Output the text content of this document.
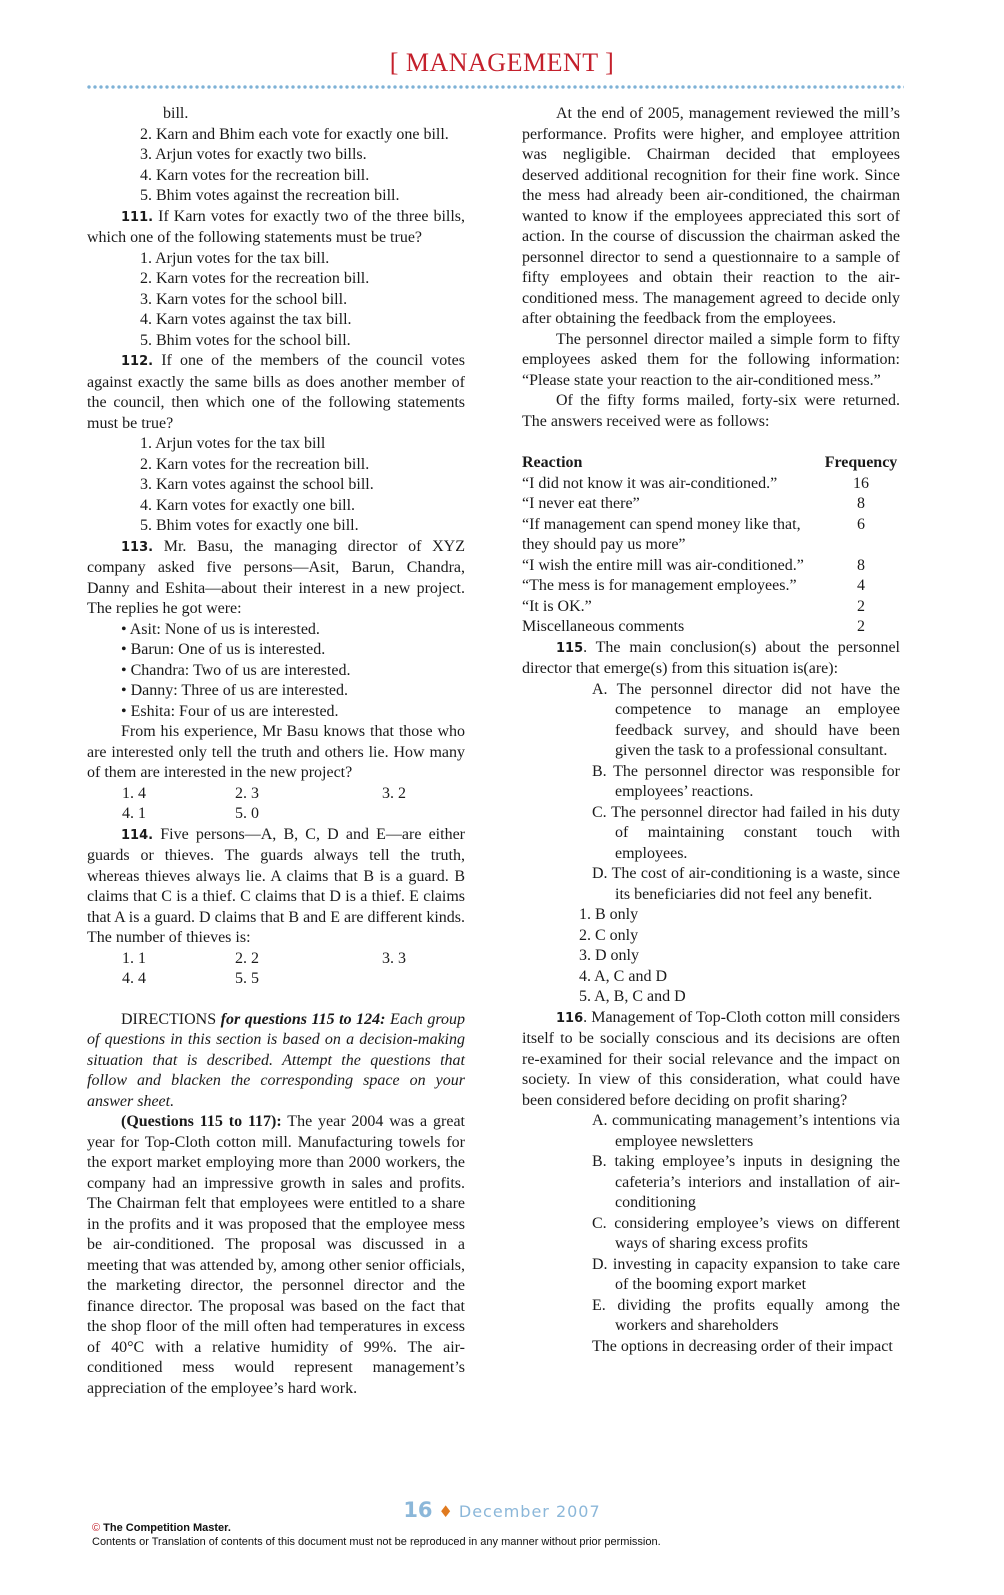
[ MANAGEMENT ]

bill.

2. Karn and Bhim each vote for exactly one bill.

3. Arjun votes for exactly two bills.

4. Karn votes for the recreation bill.

5. Bhim votes against the recreation bill.

111. If Karn votes for exactly two of the three bills, which one of the following statements must be true?

1. Arjun votes for the tax bill.

2. Karn votes for the recreation bill.

3. Karn votes for the school bill.

4. Karn votes against the tax bill.

5. Bhim votes for the school bill.

112. If one of the members of the council votes against exactly the same bills as does another member of the council, then which one of the following statements must be true?

1. Arjun votes for the tax bill

2. Karn votes for the recreation bill.

3. Karn votes against the school bill.

4. Karn votes for exactly one bill.

5. Bhim votes for exactly one bill.

113. Mr. Basu, the managing director of XYZ company asked five persons—Asit, Barun, Chandra, Danny and Eshita—about their interest in a new project. The replies he got were:

• Asit: None of us is interested.

• Barun: One of us is interested.

• Chandra: Two of us are interested.

• Danny: Three of us are interested.

• Eshita: Four of us are interested.

From his experience, Mr Basu knows that those who are interested only tell the truth and others lie. How many of them are interested in the new project?

1. 4	2. 3	3. 2
4. 1	5. 0

114. Five persons—A, B, C, D and E—are either guards or thieves. The guards always tell the truth, whereas thieves always lie. A claims that B is a guard. B claims that C is a thief. C claims that D is a thief. E claims that A is a guard. D claims that B and E are different kinds. The number of thieves is:

1. 1	2. 2	3. 3
4. 4	5. 5

DIRECTIONS for questions 115 to 124: Each group of questions in this section is based on a decision-making situation that is described. Attempt the questions that follow and blacken the corresponding space on your answer sheet.

(Questions 115 to 117): The year 2004 was a great year for Top-Cloth cotton mill. Manufacturing towels for the export market employing more than 2000 workers, the company had an impressive growth in sales and profits. The Chairman felt that employees were entitled to a share in the profits and it was proposed that the employee mess be air-conditioned. The proposal was discussed in a meeting that was attended by, among other senior officials, the marketing director, the personnel director and the finance director. The proposal was based on the fact that the shop floor of the mill often had temperatures in excess of 40°C with a relative humidity of 99%. The air-conditioned mess would represent management’s appreciation of the employee’s hard work.

At the end of 2005, management reviewed the mill’s performance. Profits were higher, and employee attrition was negligible. Chairman decided that employees deserved additional recognition for their fine work. Since the mess had already been air-conditioned, the chairman wanted to know if the employees appreciated this sort of action. In the course of discussion the chairman asked the personnel director to send a questionnaire to a sample of fifty employees and obtain their reaction to the air-conditioned mess. The management agreed to decide only after obtaining the feedback from the employees.

The personnel director mailed a simple form to fifty employees asked them for the following information: “Please state your reaction to the air-conditioned mess.”

Of the fifty forms mailed, forty-six were returned. The answers received were as follows:

Reaction	Frequency
“I did not know it was air-conditioned.”	16
“I never eat there”	8
“If management can spend money like that, they should pay us more”	6
“I wish the entire mill was air-conditioned.”	8
“The mess is for management employees.”	4
“It is OK.”	2
Miscellaneous comments	2

115. The main conclusion(s) about the personnel director that emerge(s) from this situation is(are):

A. The personnel director did not have the competence to manage an employee feedback survey, and should have been given the task to a professional consultant.

B. The personnel director was responsible for employees’ reactions.

C. The personnel director had failed in his duty of maintaining constant touch with employees.

D. The cost of air-conditioning is a waste, since its beneficiaries did not feel any benefit.

1. B only

2. C only

3. D only

4. A, C and D

5. A, B, C and D

116. Management of Top-Cloth cotton mill considers itself to be socially conscious and its decisions are often re-examined for their social relevance and the impact on society. In view of this consideration, what could have been considered before deciding on profit sharing?

A. communicating management’s intentions via employee newsletters

B. taking employee’s inputs in designing the cafeteria’s interiors and installation of air-conditioning

C. considering employee’s views on different ways of sharing excess profits

D. investing in capacity expansion to take care of the booming export market

E. dividing the profits equally among the workers and shareholders

The options in decreasing order of their impact

16 ♦ December 2007
© The Competition Master.
Contents or Translation of contents of this document must not be reproduced in any manner without prior permission.
